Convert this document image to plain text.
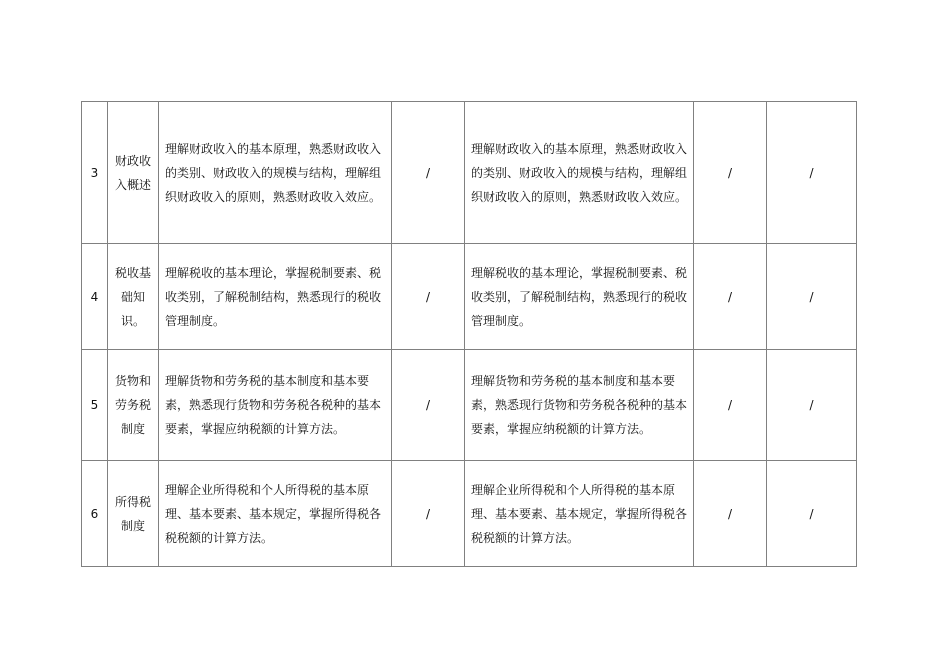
3	财政收入概述	理解财政收入的基本原理，熟悉财政收入的类别、财政收入的规模与结构，理解组织财政收入的原则，熟悉财政收入效应。	/	理解财政收入的基本原理，熟悉财政收入的类别、财政收入的规模与结构，理解组织财政收入的原则，熟悉财政收入效应。	/	/
4	税收基础知识。	理解税收的基本理论，掌握税制要素、税收类别，了解税制结构，熟悉现行的税收管理制度。	/	理解税收的基本理论，掌握税制要素、税收类别，了解税制结构，熟悉现行的税收管理制度。	/	/
5	货物和劳务税制度	理解货物和劳务税的基本制度和基本要素，熟悉现行货物和劳务税各税种的基本要素，掌握应纳税额的计算方法。	/	理解货物和劳务税的基本制度和基本要素，熟悉现行货物和劳务税各税种的基本要素，掌握应纳税额的计算方法。	/	/
6	所得税制度	理解企业所得税和个人所得税的基本原理、基本要素、基本规定，掌握所得税各税税额的计算方法。	/	理解企业所得税和个人所得税的基本原理、基本要素、基本规定，掌握所得税各税税额的计算方法。	/	/
